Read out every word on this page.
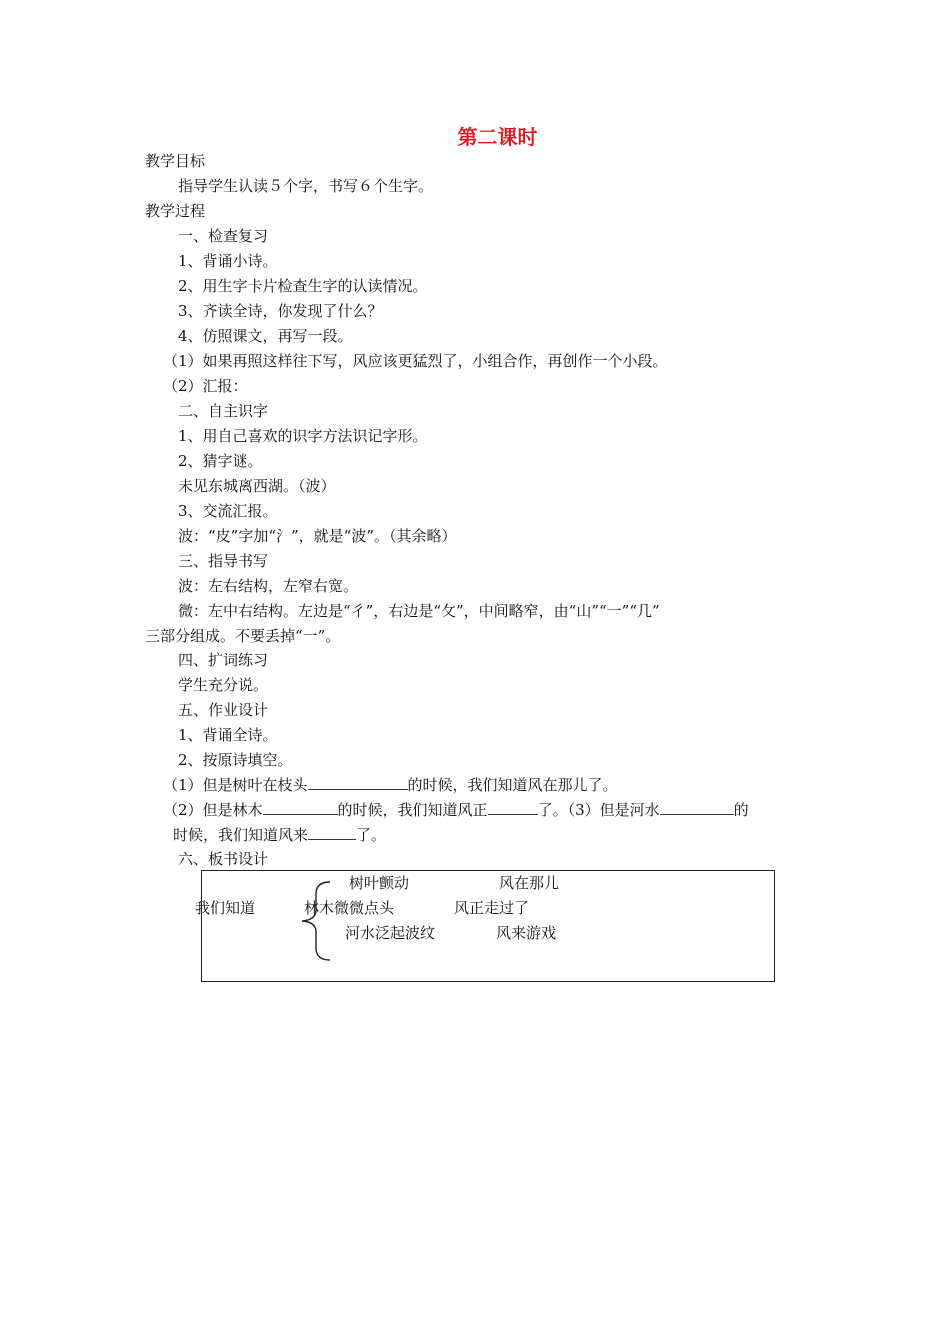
第二课时
教学目标
指导学生认读５个字，书写６个生字。
教学过程
一、检查复习
1、背诵小诗。
2、用生字卡片检查生字的认读情况。
3、齐读全诗，你发现了什么？
4、仿照课文，再写一段。
（1）如果再照这样往下写，风应该更猛烈了，小组合作，再创作一个小段。
（2）汇报：
二、自主识字
1、用自己喜欢的识字方法识记字形。
2、猜字谜。
未见东城离西湖。（波）
3、交流汇报。
波：“皮”字加“氵”，就是“波”。（其余略）
三、指导书写
波：左右结构，左窄右宽。
微：左中右结构。左边是“彳”，右边是“攵”，中间略窄，由“山”“一”“几”
三部分组成。不要丢掉“一”。
四、扩词练习
学生充分说。
五、作业设计
1、背诵全诗。
2、按原诗填空。
（1）但是树叶在枝头	的时候，我们知道风在那儿了。
（2）但是林木	的时候，我们知道风正	了。（3）但是河水	的
时候，我们知道风来	了。
六、板书设计
我们知道
树叶颤动	风在那儿
林木微微点头	风正走过了
河水泛起波纹	风来游戏
